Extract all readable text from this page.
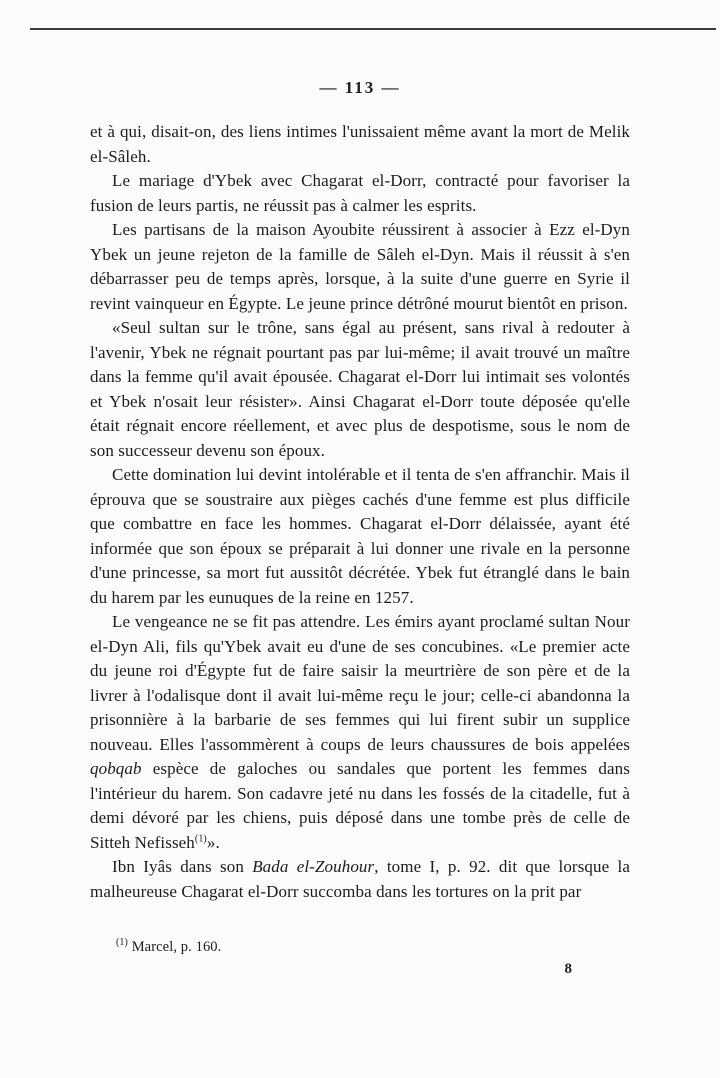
— 113 —

et à qui, disait-on, des liens intimes l'unissaient même avant la mort de Melik el-Sâleh.

Le mariage d'Ybek avec Chagarat el-Dorr, contracté pour favoriser la fusion de leurs partis, ne réussit pas à calmer les esprits.

Les partisans de la maison Ayoubite réussirent à associer à Ezz el-Dyn Ybek un jeune rejeton de la famille de Sâleh el-Dyn. Mais il réussit à s'en débarrasser peu de temps après, lorsque, à la suite d'une guerre en Syrie il revint vainqueur en Égypte. Le jeune prince détrôné mourut bientôt en prison.

«Seul sultan sur le trône, sans égal au présent, sans rival à redouter à l'avenir, Ybek ne régnait pourtant pas par lui-même; il avait trouvé un maître dans la femme qu'il avait épousée. Chagarat el-Dorr lui intimait ses volontés et Ybek n'osait leur résister». Ainsi Chagarat el-Dorr toute déposée qu'elle était régnait encore réellement, et avec plus de despotisme, sous le nom de son successeur devenu son époux.

Cette domination lui devint intolérable et il tenta de s'en affranchir. Mais il éprouva que se soustraire aux pièges cachés d'une femme est plus difficile que combattre en face les hommes. Chagarat el-Dorr délaissée, ayant été informée que son époux se préparait à lui donner une rivale en la personne d'une princesse, sa mort fut aussitôt décrétée. Ybek fut étranglé dans le bain du harem par les eunuques de la reine en 1257.

Le vengeance ne se fit pas attendre. Les émirs ayant proclamé sultan Nour el-Dyn Ali, fils qu'Ybek avait eu d'une de ses concubines. «Le premier acte du jeune roi d'Égypte fut de faire saisir la meurtrière de son père et de la livrer à l'odalisque dont il avait lui-même reçu le jour; celle-ci abandonna la prisonnière à la barbarie de ses femmes qui lui firent subir un supplice nouveau. Elles l'assommèrent à coups de leurs chaussures de bois appelées qobqab espèce de galoches ou sandales que portent les femmes dans l'intérieur du harem. Son cadavre jeté nu dans les fossés de la citadelle, fut à demi dévoré par les chiens, puis déposé dans une tombe près de celle de Sitteh Nefisseh$^{(1)}$».

Ibn Iyâs dans son Bada el-Zouhour, tome I, p. 92. dit que lorsque la malheureuse Chagarat el-Dorr succomba dans les tortures on la prit par

$^{(1)}$ Marcel, p. 160.

8
